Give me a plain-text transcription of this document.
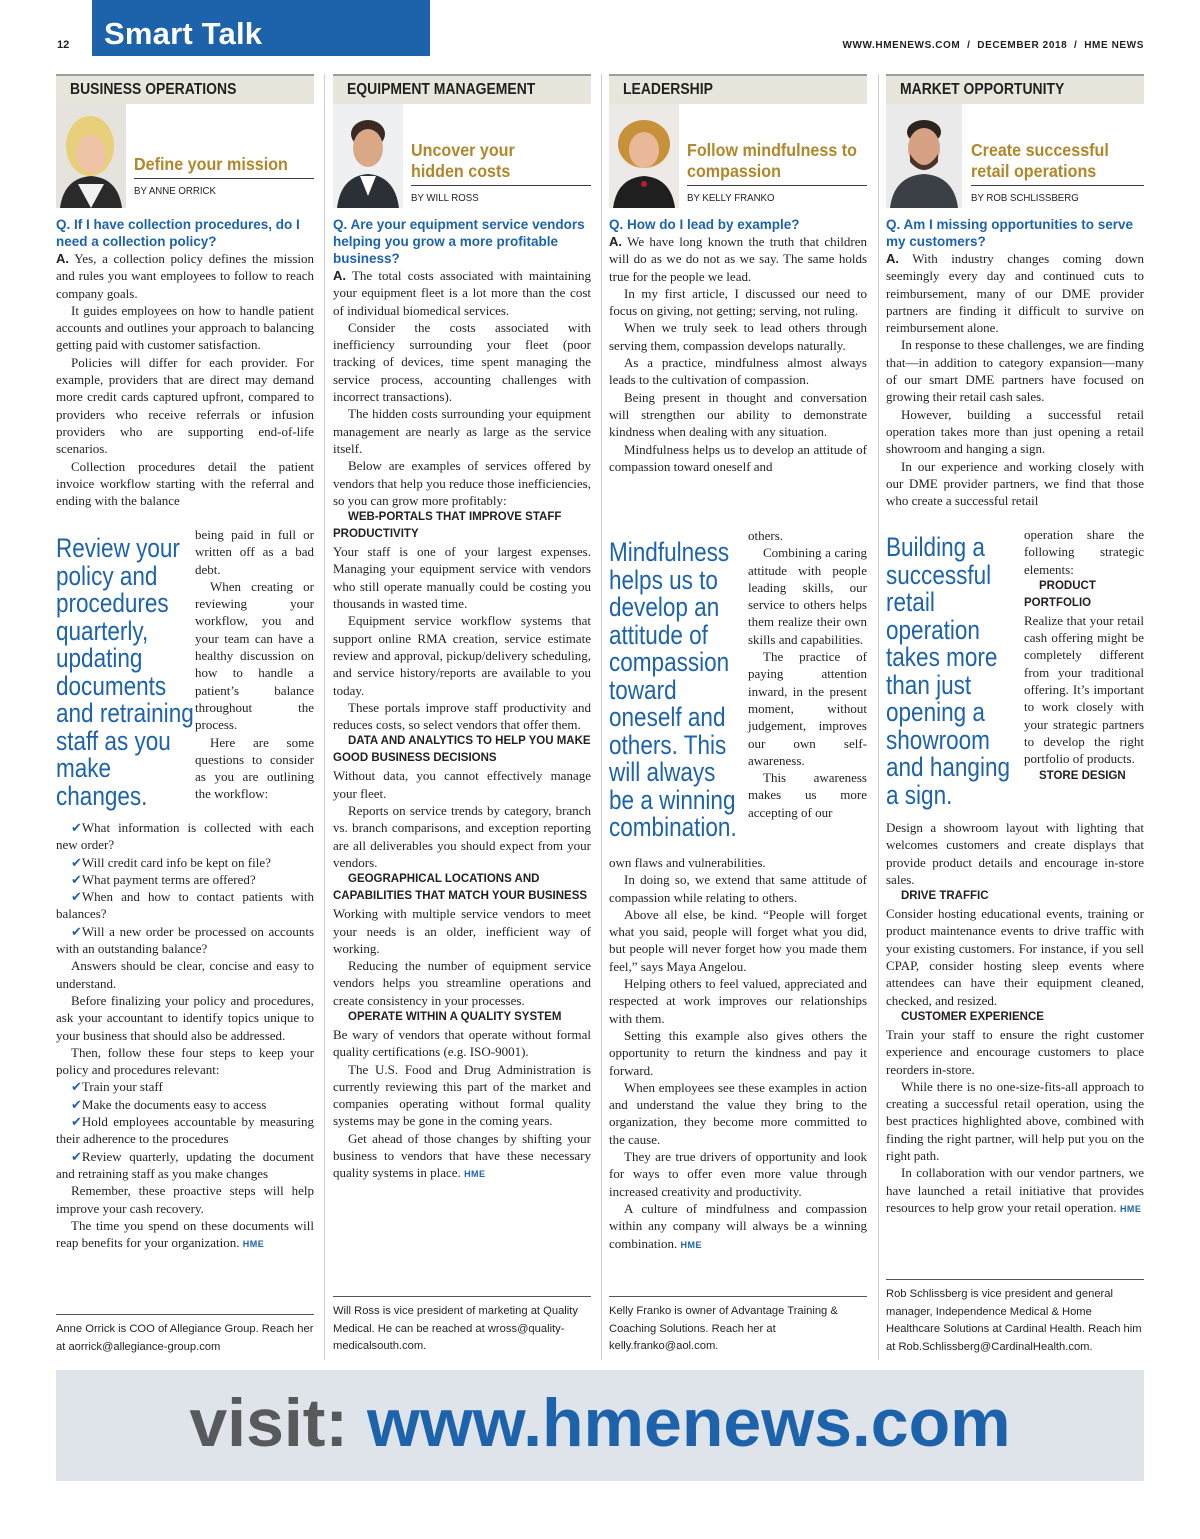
12 Smart Talk	WWW.HMENEWS.COM  /  DECEMBER 2018  /  HME NEWS
BUSINESS OPERATIONS
Define your mission
BY ANNE ORRICK
Q. If I have collection procedures, do I
need a collection policy?

A. Yes, a collection policy defines the mission and rules you want employees to follow to reach company goals.

It guides employees on how to handle patient accounts and outlines your approach to balancing getting paid with customer satisfaction.

Policies will differ for each provider. For example, providers that are direct may demand more credit cards captured upfront, compared to providers who receive referrals or infusion providers who are supporting end-of-life scenarios.

Collection procedures detail the patient invoice workflow starting with the referral and ending with the balance

Review your
policy and
procedures
quarterly,
updating
documents
and retraining
staff as you
make
changes.

being paid in full or written off as a bad debt.

When creating or reviewing your workflow, you and your team can have a healthy discussion on how to handle a patient’s balance throughout the process.

Here are some questions to consider as you are outlining the workflow:

✔What information is collected with each new order?

✔Will credit card info be kept on file?

✔What payment terms are offered?

✔When and how to contact patients with balances?

✔Will a new order be processed on accounts with an outstanding balance?

Answers should be clear, concise and easy to understand.

Before finalizing your policy and procedures, ask your accountant to identify topics unique to your business that should also be addressed.

Then, follow these four steps to keep your policy and procedures relevant:

✔Train your staff

✔Make the documents easy to access

✔Hold employees accountable by measuring their adherence to the procedures

✔Review quarterly, updating the document and retraining staff as you make changes

Remember, these proactive steps will help improve your cash recovery.

The time you spend on these documents will reap benefits for your organization. HME

Anne Orrick is COO of Allegiance Group. Reach her at aorrick@allegiance-group.com
EQUIPMENT MANAGEMENT
Uncover your
hidden costs
BY WILL ROSS
Q. Are your equipment service vendors
helping you grow a more profitable
business?

A. The total costs associated with maintaining your equipment fleet is a lot more than the cost of individual biomedical services.

Consider the costs associated with inefficiency surrounding your fleet (poor tracking of devices, time spent managing the service process, accounting challenges with incorrect transactions).

The hidden costs surrounding your equipment management are nearly as large as the service itself.

Below are examples of services offered by vendors that help you reduce those inefficiencies, so you can grow more profitably:

WEB-PORTALS THAT IMPROVE STAFF PRODUCTIVITY

Your staff is one of your largest expenses. Managing your equipment service with vendors who still operate manually could be costing you thousands in wasted time.

Equipment service workflow systems that support online RMA creation, service estimate review and approval, pickup/delivery scheduling, and service history/reports are available to you today.

These portals improve staff productivity and reduces costs, so select vendors that offer them.

DATA AND ANALYTICS TO HELP YOU MAKE GOOD BUSINESS DECISIONS

Without data, you cannot effectively manage your fleet.

Reports on service trends by category, branch vs. branch comparisons, and exception reporting are all deliverables you should expect from your vendors.

GEOGRAPHICAL LOCATIONS AND CAPABILITIES THAT MATCH YOUR BUSINESS

Working with multiple service vendors to meet your needs is an older, inefficient way of working.

Reducing the number of equipment service vendors helps you streamline operations and create consistency in your processes.

OPERATE WITHIN A QUALITY SYSTEM

Be wary of vendors that operate without formal quality certifications (e.g. ISO-9001).

The U.S. Food and Drug Administration is currently reviewing this part of the market and companies operating without formal quality systems may be gone in the coming years.

Get ahead of those changes by shifting your business to vendors that have these necessary quality systems in place. HME

Will Ross is vice president of marketing at Quality Medical. He can be reached at wross@quality-medicalsouth.com.
LEADERSHIP
Follow mindfulness to
compassion
BY KELLY FRANKO
Q. How do I lead by example?

A. We have long known the truth that children will do as we do not as we say. The same holds true for the people we lead.

In my first article, I discussed our need to focus on giving, not getting; serving, not ruling.

When we truly seek to lead others through serving them, compassion develops naturally.

As a practice, mindfulness almost always leads to the cultivation of compassion.

Being present in thought and conversation will strengthen our ability to demonstrate kindness when dealing with any situation.

Mindfulness helps us to develop an attitude of compassion toward oneself and

Mindfulness
helps us to
develop an
attitude of
compassion
toward
oneself and
others. This
will always
be a winning
combination.

others.

Combining a caring attitude with people leading skills, our service to others helps them realize their own skills and capabilities.

The practice of paying attention inward, in the present moment, without judgement, improves our own self-awareness.

This awareness makes us more accepting of our

own flaws and vulnerabilities.

In doing so, we extend that same attitude of compassion while relating to others.

Above all else, be kind. “People will forget what you said, people will forget what you did, but people will never forget how you made them feel,” says Maya Angelou.

Helping others to feel valued, appreciated and respected at work improves our relationships with them.

Setting this example also gives others the opportunity to return the kindness and pay it forward.

When employees see these examples in action and understand the value they bring to the organization, they become more committed to the cause.

They are true drivers of opportunity and look for ways to offer even more value through increased creativity and productivity.

A culture of mindfulness and compassion within any company will always be a winning combination. HME

Kelly Franko is owner of Advantage Training & Coaching Solutions. Reach her at kelly.franko@aol.com.
MARKET OPPORTUNITY
Create successful
retail operations
BY ROB SCHLISSBERG
Q. Am I missing opportunities to serve
my customers?

A. With industry changes coming down seemingly every day and continued cuts to reimbursement, many of our DME provider partners are finding it difficult to survive on reimbursement alone.

In response to these challenges, we are finding that—in addition to category expansion—many of our smart DME partners have focused on growing their retail cash sales.

However, building a successful retail operation takes more than just opening a retail showroom and hanging a sign.

In our experience and working closely with our DME provider partners, we find that those who create a successful retail

Building a
successful
retail
operation
takes more
than just
opening a
showroom
and hanging
a sign.

operation share the following strategic elements:

PRODUCT PORTFOLIO

Realize that your retail cash offering might be completely different from your traditional offering. It’s important to work closely with your strategic partners to develop the right portfolio of products.

STORE DESIGN

Design a showroom layout with lighting that welcomes customers and create displays that provide product details and encourage in-store sales.

DRIVE TRAFFIC

Consider hosting educational events, training or product maintenance events to drive traffic with your existing customers. For instance, if you sell CPAP, consider hosting sleep events where attendees can have their equipment cleaned, checked, and resized.

CUSTOMER EXPERIENCE

Train your staff to ensure the right customer experience and encourage customers to place reorders in-store.

While there is no one-size-fits-all approach to creating a successful retail operation, using the best practices highlighted above, combined with finding the right partner, will help put you on the right path.

In collaboration with our vendor partners, we have launched a retail initiative that provides resources to help grow your retail operation. HME

Rob Schlissberg is vice president and general manager, Independence Medical & Home Healthcare Solutions at Cardinal Health. Reach him at Rob.Schlissberg@CardinalHealth.com.
visit: www.hmenews.com
